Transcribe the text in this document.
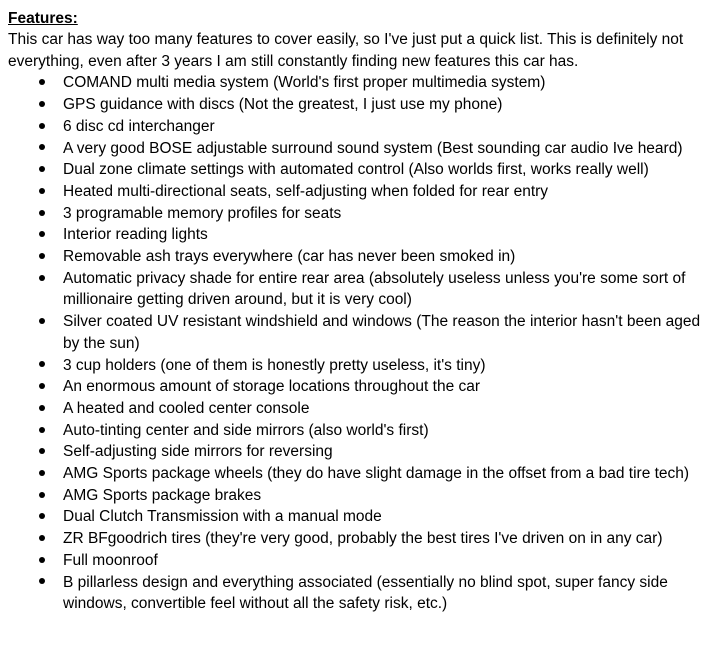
Features:

This car has way too many features to cover easily, so I've just put a quick list. This is definitely not everything, even after 3 years I am still constantly finding new features this car has.

COMAND multi media system (World's first proper multimedia system)
GPS guidance with discs (Not the greatest, I just use my phone)
6 disc cd interchanger
A very good BOSE adjustable surround sound system (Best sounding car audio Ive heard)
Dual zone climate settings with automated control (Also worlds first, works really well)
Heated multi-directional seats, self-adjusting when folded for rear entry
3 programable memory profiles for seats
Interior reading lights
Removable ash trays everywhere (car has never been smoked in)
Automatic privacy shade for entire rear area (absolutely useless unless you're some sort of millionaire getting driven around, but it is very cool)
Silver coated UV resistant windshield and windows (The reason the interior hasn't been aged by the sun)
3 cup holders (one of them is honestly pretty useless, it's tiny)
An enormous amount of storage locations throughout the car
A heated and cooled center console
Auto-tinting center and side mirrors (also world's first)
Self-adjusting side mirrors for reversing
AMG Sports package wheels (they do have slight damage in the offset from a bad tire tech)
AMG Sports package brakes
Dual Clutch Transmission with a manual mode
ZR BFgoodrich tires (they're very good, probably the best tires I've driven on in any car)
Full moonroof
B pillarless design and everything associated (essentially no blind spot, super fancy side windows, convertible feel without all the safety risk, etc.)
